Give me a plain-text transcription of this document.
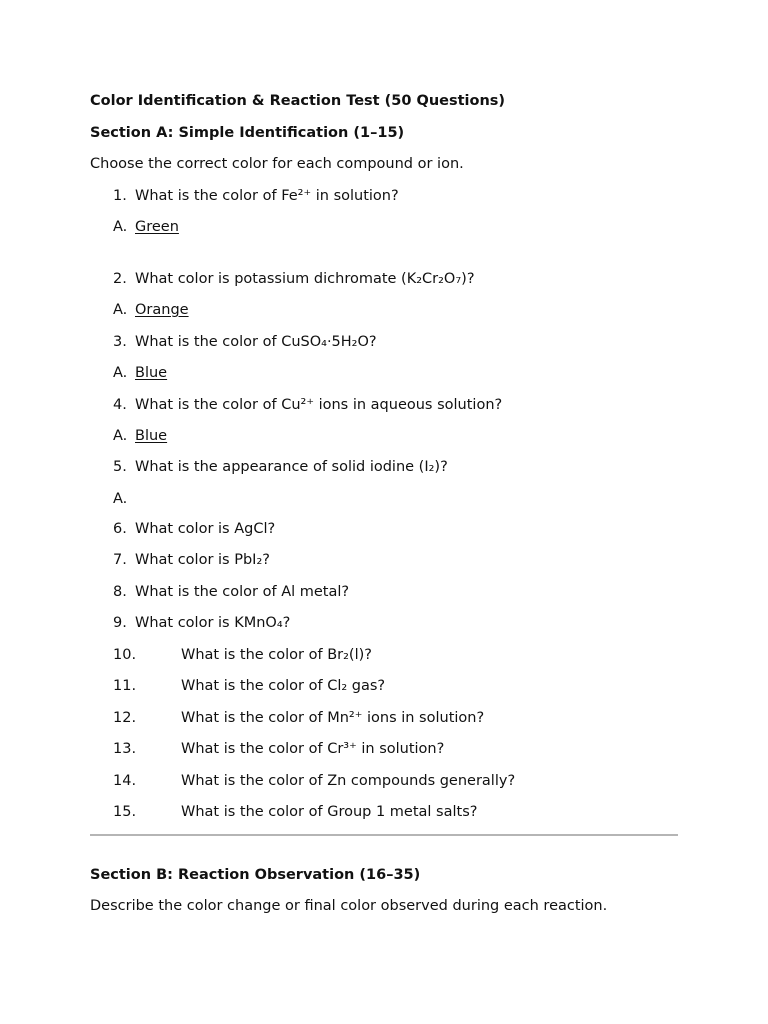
Color Identification & Reaction Test (50 Questions)
Section A: Simple Identification (1–15)
Choose the correct color for each compound or ion.
1. What is the color of Fe²⁺ in solution?
A. Green
2. What color is potassium dichromate (K₂Cr₂O₇)?
A. Orange
3. What is the color of CuSO₄·5H₂O?
A. Blue
4. What is the color of Cu²⁺ ions in aqueous solution?
A. Blue
5. What is the appearance of solid iodine (I₂)?
A.
6. What color is AgCl?
7. What color is PbI₂?
8. What is the color of Al metal?
9. What color is KMnO₄?
10.	What is the color of Br₂(l)?
11.	What is the color of Cl₂ gas?
12.	What is the color of Mn²⁺ ions in solution?
13.	What is the color of Cr³⁺ in solution?
14.	What is the color of Zn compounds generally?
15.	What is the color of Group 1 metal salts?
Section B: Reaction Observation (16–35)
Describe the color change or final color observed during each reaction.
